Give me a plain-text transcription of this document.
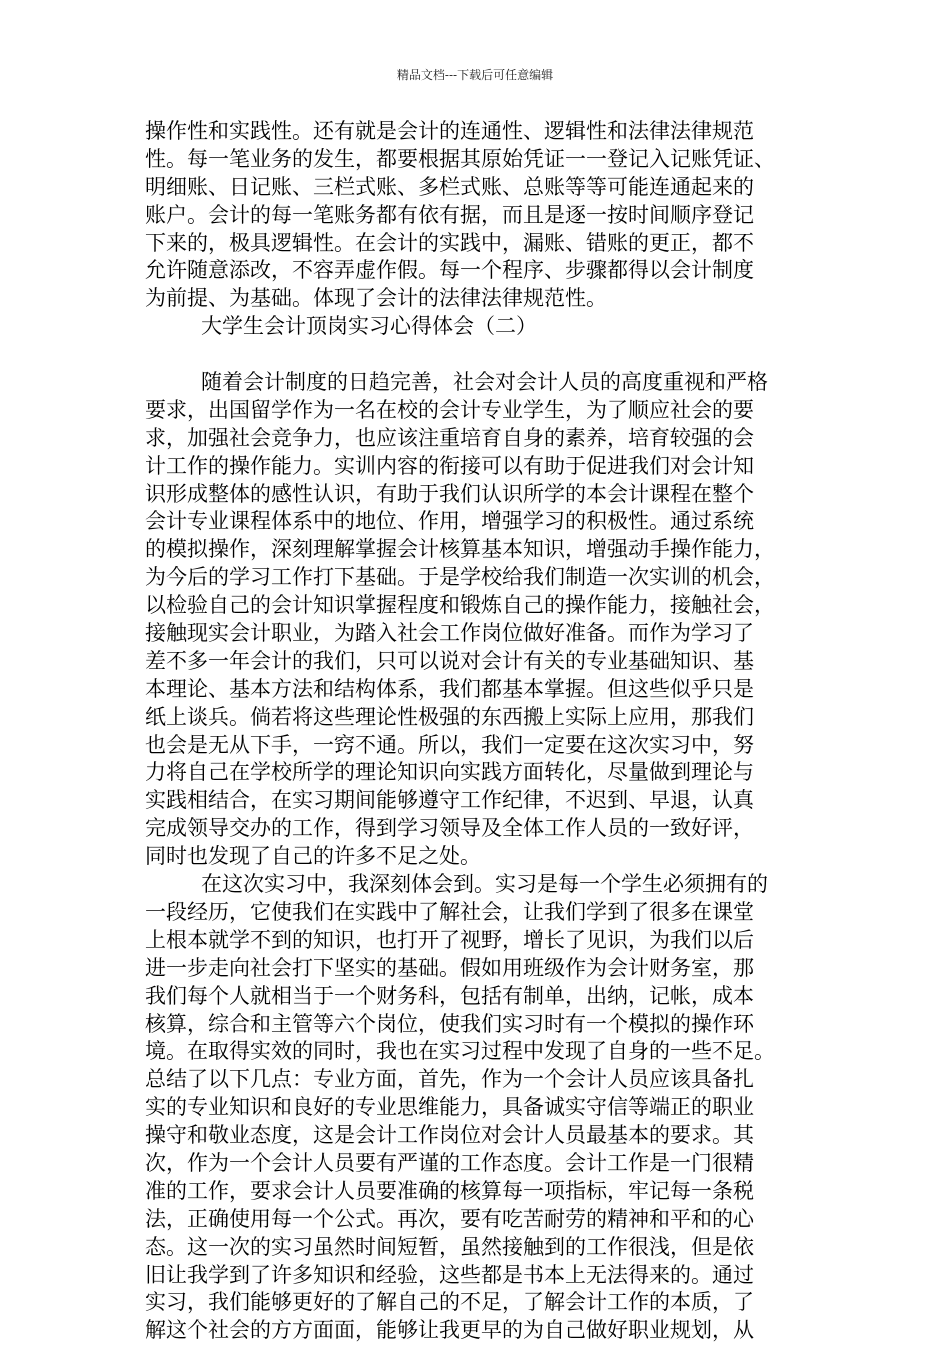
精品文档---下载后可任意编辑
操作性和实践性。还有就是会计的连通性、逻辑性和法律法律规范
性。每一笔业务的发生，都要根据其原始凭证一一登记入记账凭证、
明细账、日记账、三栏式账、多栏式账、总账等等可能连通起来的
账户。会计的每一笔账务都有依有据，而且是逐一按时间顺序登记
下来的，极具逻辑性。在会计的实践中，漏账、错账的更正，都不
允许随意添改，不容弄虚作假。每一个程序、步骤都得以会计制度
为前提、为基础。体现了会计的法律法律规范性。
大学生会计顶岗实习心得体会（二）
随着会计制度的日趋完善，社会对会计人员的高度重视和严格
要求，出国留学作为一名在校的会计专业学生，为了顺应社会的要
求，加强社会竞争力，也应该注重培育自身的素养，培育较强的会
计工作的操作能力。实训内容的衔接可以有助于促进我们对会计知
识形成整体的感性认识，有助于我们认识所学的本会计课程在整个
会计专业课程体系中的地位、作用，增强学习的积极性。通过系统
的模拟操作，深刻理解掌握会计核算基本知识，增强动手操作能力，
为今后的学习工作打下基础。于是学校给我们制造一次实训的机会，
以检验自己的会计知识掌握程度和锻炼自己的操作能力，接触社会，
接触现实会计职业，为踏入社会工作岗位做好准备。而作为学习了
差不多一年会计的我们，只可以说对会计有关的专业基础知识、基
本理论、基本方法和结构体系，我们都基本掌握。但这些似乎只是
纸上谈兵。倘若将这些理论性极强的东西搬上实际上应用，那我们
也会是无从下手，一窍不通。所以，我们一定要在这次实习中，努
力将自己在学校所学的理论知识向实践方面转化，尽量做到理论与
实践相结合，在实习期间能够遵守工作纪律，不迟到、早退，认真
完成领导交办的工作，得到学习领导及全体工作人员的一致好评，
同时也发现了自己的许多不足之处。
在这次实习中，我深刻体会到。实习是每一个学生必须拥有的
一段经历，它使我们在实践中了解社会，让我们学到了很多在课堂
上根本就学不到的知识，也打开了视野，增长了见识，为我们以后
进一步走向社会打下坚实的基础。假如用班级作为会计财务室，那
我们每个人就相当于一个财务科，包括有制单，出纳，记帐，成本
核算，综合和主管等六个岗位，使我们实习时有一个模拟的操作环
境。在取得实效的同时，我也在实习过程中发现了自身的一些不足。
总结了以下几点：专业方面，首先，作为一个会计人员应该具备扎
实的专业知识和良好的专业思维能力，具备诚实守信等端正的职业
操守和敬业态度，这是会计工作岗位对会计人员最基本的要求。其
次，作为一个会计人员要有严谨的工作态度。会计工作是一门很精
准的工作，要求会计人员要准确的核算每一项指标，牢记每一条税
法，正确使用每一个公式。再次，要有吃苦耐劳的精神和平和的心
态。这一次的实习虽然时间短暂，虽然接触到的工作很浅，但是依
旧让我学到了许多知识和经验，这些都是书本上无法得来的。通过
实习，我们能够更好的了解自己的不足，了解会计工作的本质，了
解这个社会的方方面面，能够让我更早的为自己做好职业规划，从
